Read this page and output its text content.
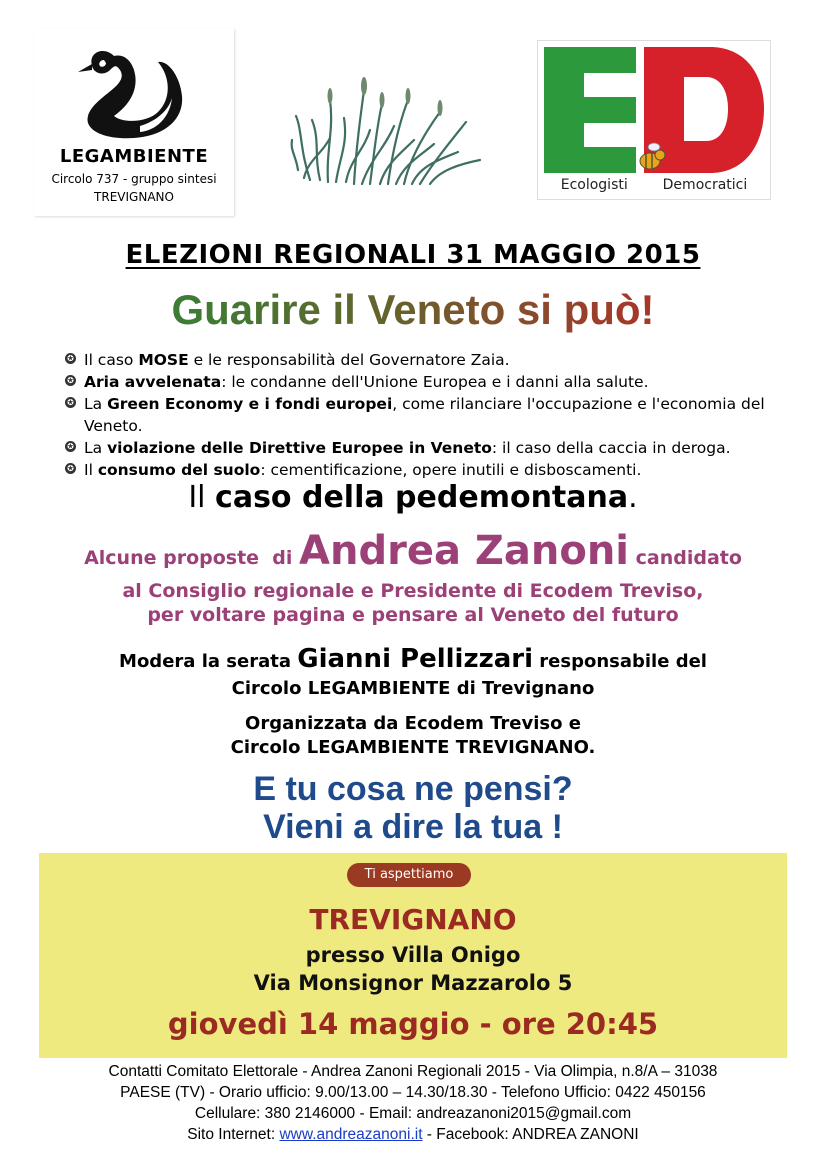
LEGAMBIENTE
Circolo 737 - gruppo sintesi
TREVIGNANO
Ecologisti Democratici
ELEZIONI REGIONALI 31 MAGGIO 2015
Guarire il Veneto si può!
✪ Il caso MOSE e le responsabilità del Governatore Zaia.
✪ Aria avvelenata: le condanne dell'Unione Europea e i danni alla salute.
✪ La Green Economy e i fondi europei, come rilanciare l'occupazione e l'economia del Veneto.
✪ La violazione delle Direttive Europee in Veneto: il caso della caccia in deroga.
✪ Il consumo del suolo: cementificazione, opere inutili e disboscamenti.
Il caso della pedemontana.
Alcune proposte  di Andrea Zanoni candidato
al Consiglio regionale e Presidente di Ecodem Treviso,
per voltare pagina e pensare al Veneto del futuro
Modera la serata Gianni Pellizzari responsabile del
Circolo LEGAMBIENTE di Trevignano
Organizzata da Ecodem Treviso e
Circolo LEGAMBIENTE TREVIGNANO.
E tu cosa ne pensi?
Vieni a dire la tua !
Ti aspettiamo
TREVIGNANO
presso Villa Onigo
Via Monsignor Mazzarolo 5
giovedì 14 maggio - ore 20:45
Contatti Comitato Elettorale - Andrea Zanoni Regionali 2015 - Via Olimpia, n.8/A – 31038
PAESE (TV) - Orario ufficio: 9.00/13.00 – 14.30/18.30 - Telefono Ufficio: 0422 450156
Cellulare: 380 2146000 - Email: andreazanoni2015@gmail.com
Sito Internet: www.andreazanoni.it - Facebook: ANDREA ZANONI
